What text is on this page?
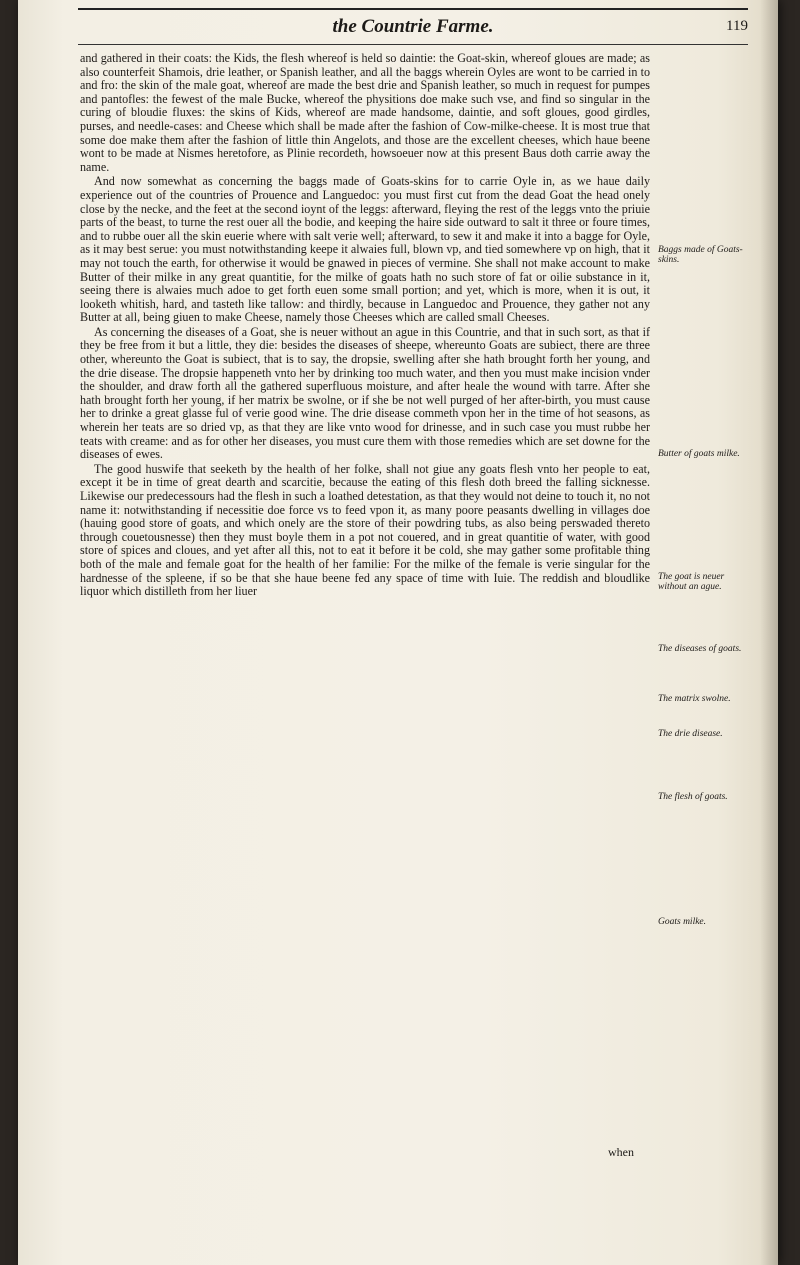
the Countrie Farme.	119

and gathered in their coats: the Kids, the flesh whereof is held so daintie: the Goat-skin, whereof gloues are made; as also counterfeit Shamois, drie leather, or Spanish leather, and all the baggs wherein Oyles are wont to be carried in to and fro: the skin of the male goat, whereof are made the best drie and Spanish leather, so much in request for pumpes and pantofles: the fewest of the male Bucke, whereof the physitions doe make such vse, and find so singular in the curing of bloudie fluxes: the skins of Kids, whereof are made handsome, daintie, and soft gloues, good girdles, purses, and needle-cases: and Cheese which shall be made after the fashion of Cow-milke-cheese. It is most true that some doe make them after the fashion of little thin Angelots, and those are the excellent cheeses, which haue beene wont to be made at Nismes heretofore, as Plinie recordeth, howsoeuer now at this present Baus doth carrie away the name.

And now somewhat as concerning the baggs made of Goats-skins for to carrie Oyle in, as we haue daily experience out of the countries of Prouence and Languedoc: you must first cut from the dead Goat the head onely close by the necke, and the feet at the second ioynt of the leggs: afterward, fleying the rest of the leggs vnto the priuie parts of the beast, to turne the rest ouer all the bodie, and keeping the haire side outward to salt it three or foure times, and to rubbe ouer all the skin euerie where with salt verie well; afterward, to sew it and make it into a bagge for Oyle, as it may best serue: you must notwithstanding keepe it alwaies full, blown vp, and tied somewhere vp on high, that it may not touch the earth, for otherwise it would be gnawed in pieces of vermine. She shall not make account to make Butter of their milke in any great quantitie, for the milke of goats hath no such store of fat or oilie substance in it, seeing there is alwaies much adoe to get forth euen some small portion; and yet, which is more, when it is out, it looketh whitish, hard, and tasteth like tallow: and thirdly, because in Languedoc and Prouence, they gather not any Butter at all, being giuen to make Cheese, namely those Cheeses which are called small Cheeses.

As concerning the diseases of a Goat, she is neuer without an ague in this Countrie, and that in such sort, as that if they be free from it but a little, they die: besides the diseases of sheepe, whereunto Goats are subiect, there are three other, whereunto the Goat is subiect, that is to say, the dropsie, swelling after she hath brought forth her young, and the drie disease. The dropsie happeneth vnto her by drinking too much water, and then you must make incision vnder the shoulder, and draw forth all the gathered superfluous moisture, and after heale the wound with tarre. After she hath brought forth her young, if her matrix be swolne, or if she be not well purged of her after-birth, you must cause her to drinke a great glasse ful of verie good wine. The drie disease commeth vpon her in the time of hot seasons, as wherein her teats are so dried vp, as that they are like vnto wood for drinesse, and in such case you must rubbe her teats with creame: and as for other her diseases, you must cure them with those remedies which are set downe for the diseases of ewes.

The good huswife that seeketh by the health of her folke, shall not giue any goats flesh vnto her people to eat, except it be in time of great dearth and scarcitie, because the eating of this flesh doth breed the falling sicknesse. Likewise our predecessours had the flesh in such a loathed detestation, as that they would not deine to touch it, no not name it: notwithstanding if necessitie doe force vs to feed vpon it, as many poore peasants dwelling in villages doe (hauing good store of goats, and which onely are the store of their powdring tubs, as also being perswaded thereto through couetousnesse) then they must boyle them in a pot not couered, and in great quantitie of water, with good store of spices and cloues, and yet after all this, not to eat it before it be cold, she may gather some profitable thing both of the male and female goat for the health of her familie: For the milke of the female is verie singular for the hardnesse of the spleene, if so be that she haue beene fed any space of time with Iuie. The reddish and bloudlike liquor which distilleth from her liuer

Baggs made of Goats-skins.
Butter of goats milke.
The goat is neuer without an ague.
The diseases of goats.
The matrix swolne.
The drie disease.
The flesh of goats.
Goats milke.
when
